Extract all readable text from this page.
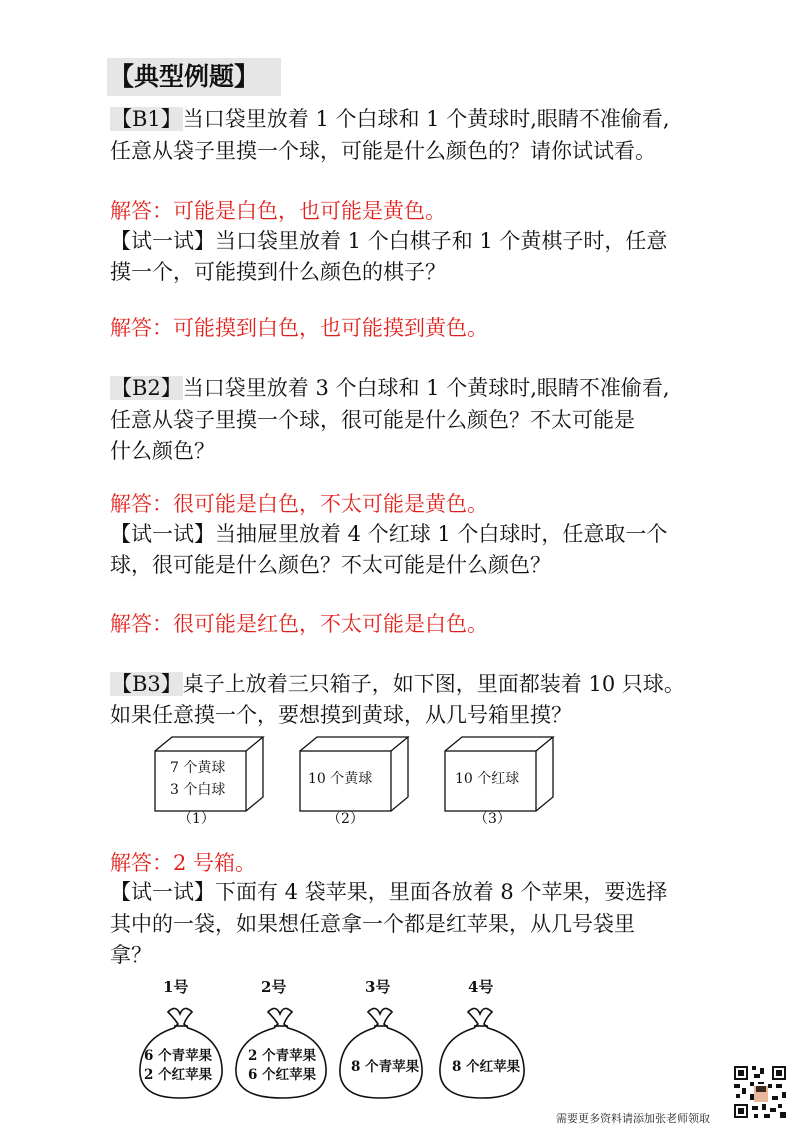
【典型例题】
【B1】当口袋里放着 1 个白球和 1 个黄球时,眼睛不准偷看,
任意从袋子里摸一个球，可能是什么颜色的？请你试试看。
解答：可能是白色，也可能是黄色。
【试一试】当口袋里放着 1 个白棋子和 1 个黄棋子时，任意
摸一个，可能摸到什么颜色的棋子？
解答：可能摸到白色，也可能摸到黄色。
【B2】当口袋里放着 3 个白球和 1 个黄球时,眼睛不准偷看,
任意从袋子里摸一个球，很可能是什么颜色？不太可能是
什么颜色？
解答：很可能是白色，不太可能是黄色。
【试一试】当抽屉里放着 4 个红球 1 个白球时，任意取一个
球，很可能是什么颜色？不太可能是什么颜色？
解答：很可能是红色，不太可能是白色。
【B3】桌子上放着三只箱子，如下图，里面都装着 10 只球。
如果任意摸一个，要想摸到黄球，从几号箱里摸？
7 个黄球
3 个白球
10 个黄球	10 个红球
（1）	（2）	（3）
解答：2 号箱。
【试一试】下面有 4 袋苹果，里面各放着 8 个苹果，要选择
其中的一袋，如果想任意拿一个都是红苹果，从几号袋里
拿？
1号	2号	3号	4号
6 个青苹果
2 个红苹果
2 个青苹果
6 个红苹果	8 个青苹果 8 个红苹果
需要更多资料请添加张老师领取
